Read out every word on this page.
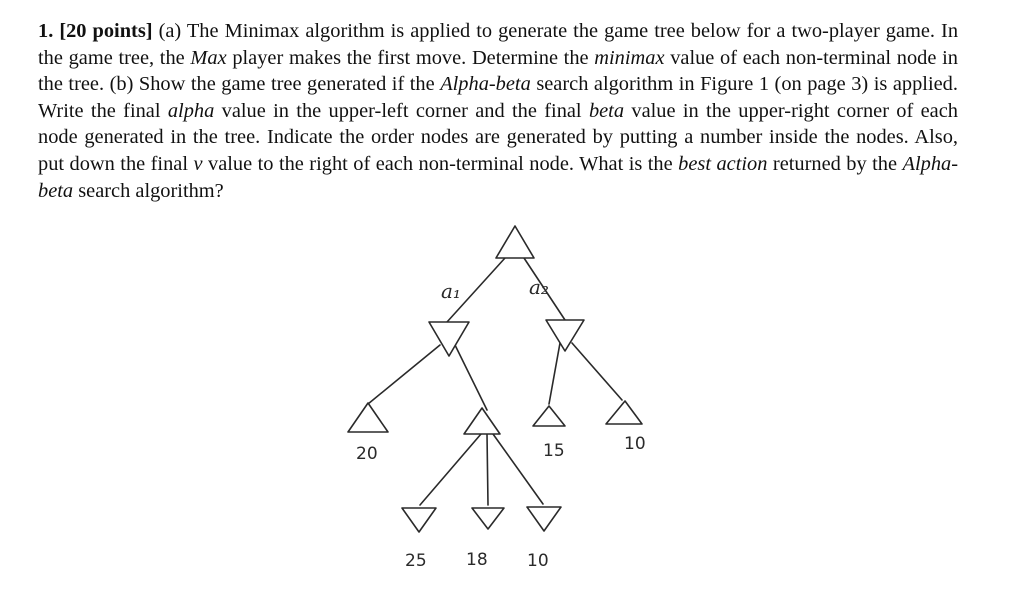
1. [20 points] (a) The Minimax algorithm is applied to generate the game tree below for a two-player game. In the game tree, the Max player makes the first move. Determine the minimax value of each non-terminal node in the tree. (b) Show the game tree generated if the Alpha-beta search algorithm in Figure 1 (on page 3) is applied. Write the final alpha value in the upper-left corner and the final beta value in the upper-right corner of each node generated in the tree. Indicate the order nodes are generated by putting a number inside the nodes. Also, put down the final v value to the right of each non-terminal node. What is the best action returned by the Alpha-beta search algorithm?
a₁	a₂
20	15	10
25 18 10
